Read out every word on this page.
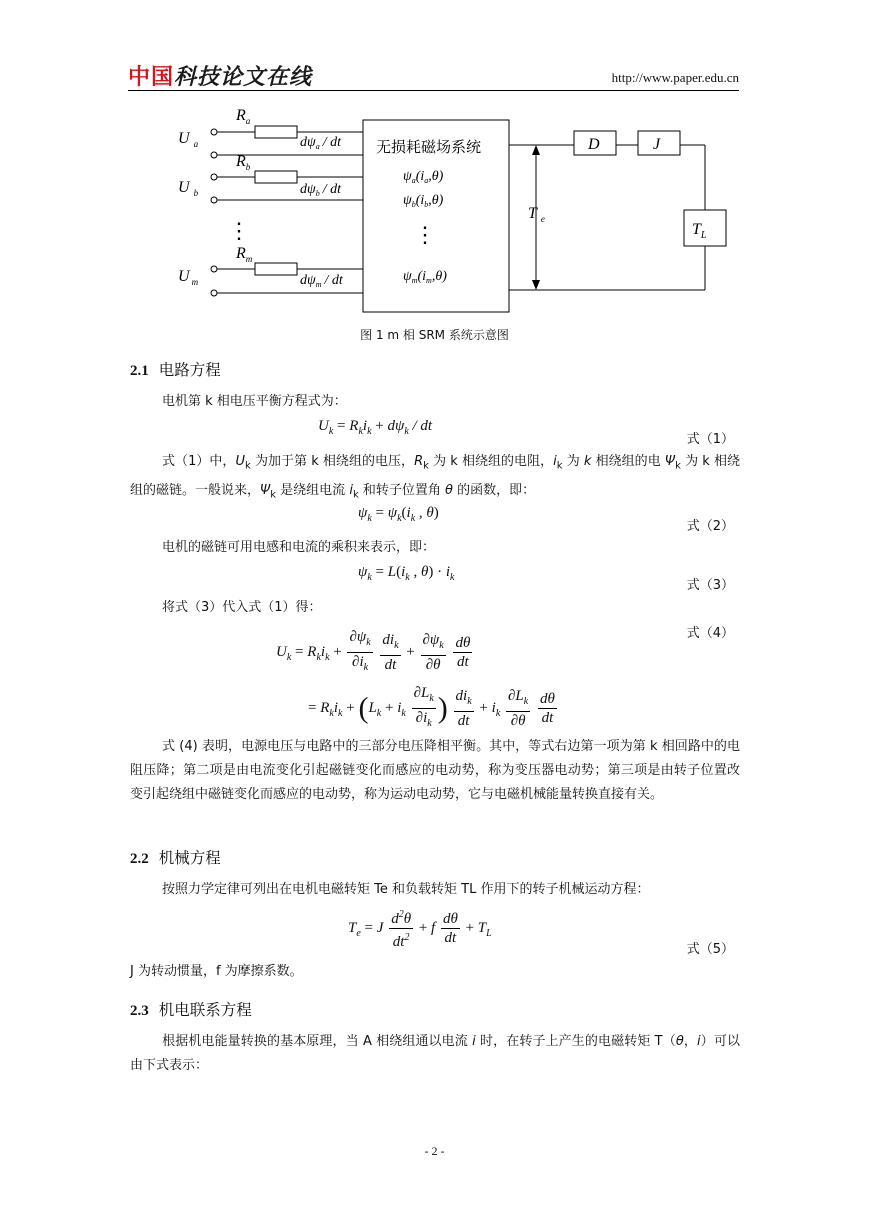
中国科技论文在线	http://www.paper.edu.cn
U $_a$
U $_b$
U $_m$
$R_a$
$R_b$
$R_m$
$d\psi_a$ / dt
$d\psi_b$ / dt
$d\psi_m$ / dt
$\psi_a(i_a,\theta)$
$\psi_b(i_b,\theta)$
$\psi_m(i_m,\theta)$
T $_e$
D	J
$T_L$
无损耗磁场系统
⋮	⋮
图 1 m 相 SRM 系统示意图
2.1 电路方程
电机第 k 相电压平衡方程式为：
$U_k = R_ki_k + d\psi_k$ / dt
式（1）
式（1）中，$U_k$ 为加于第 k 相绕组的电压，$R_k$ 为 k 相绕组的电阻，$i_k$ 为 k 相绕组的电 $\Psi_k$ 为 k 相绕组的磁链。一般说来，$\Psi_k$ 是绕组电流 $i_k$ 和转子位置角 θ 的函数，即：
$\psi_k = \psi_k(i_k$ , θ)
式（2）
电机的磁链可用电感和电流的乘积来表示，即：
$\psi_k = L(i_k$ , $\theta) \cdot i_k$
式（3）
将式（3）代入式（1）得：
式（4）
$U_k = R_ki_k + \frac{\partial\psi_k}{\partial i_k}$
$\frac{di_k}{dt} + \frac{\partial\psi_k}{\partial\theta}$
$\frac{d\theta}{dt}$
= $R_ki_k + (L_k + i_k \frac{\partial L_k}{\partial i_k}$ ) $\frac{di_k}{dt} + i_k \frac{\partial L_k}{\partial\theta}$
$\frac{d\theta}{dt}$
式 (4) 表明，电源电压与电路中的三部分电压降相平衡。其中，等式右边第一项为第 k 相回路中的电阻压降；第二项是由电流变化引起磁链变化而感应的电动势，称为变压器电动势；第三项是由转子位置改变引起绕组中磁链变化而感应的电动势，称为运动电动势，它与电磁机械能量转换直接有关。
2.2 机械方程
按照力学定律可列出在电机电磁转矩 Te 和负载转矩 TL 作用下的转子机械运动方程：
$T_e = J \frac{d^2\theta}{dt^2} + f \frac{d\theta}{dt} + T_L$
式（5）
J 为转动惯量，f 为摩擦系数。
2.3 机电联系方程
根据机电能量转换的基本原理，当 A 相绕组通以电流 i 时，在转子上产生的电磁转矩 T（θ，i）可以由下式表示：
- 2 -
